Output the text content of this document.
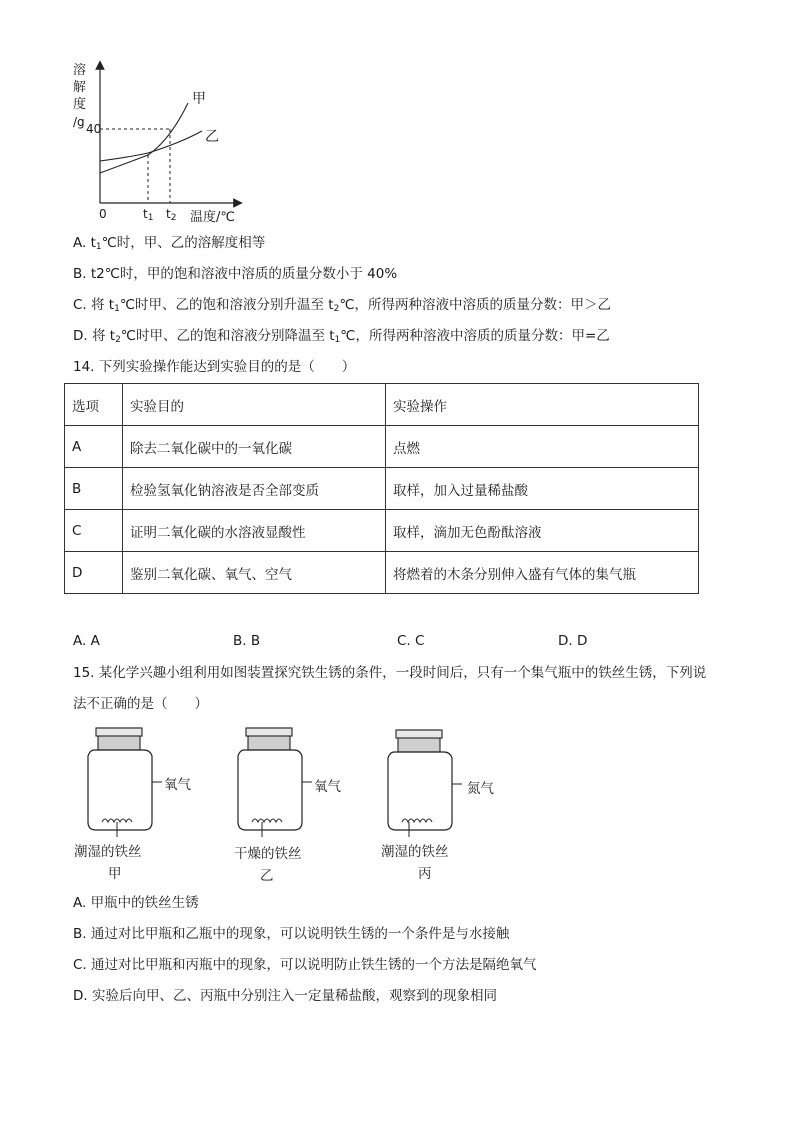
溶
解
度
/g 40
0	$t_1$ $t_2$ 温度/℃
甲
乙
A. $t_1℃$时，甲、乙的溶解度相等
B. t2℃时，甲的饱和溶液中溶质的质量分数小于 40%
C. 将 $t_1℃$时甲、乙的饱和溶液分别升温至 $t_2℃$，所得两种溶液中溶质的质量分数：甲＞乙
D. 将 $t_2℃$时甲、乙的饱和溶液分别降温至 $t_1℃$，所得两种溶液中溶质的质量分数：甲=乙
14. 下列实验操作能达到实验目的的是（　　）
选项	实验目的	实验操作
A	除去二氧化碳中的一氧化碳	点燃
B	检验氢氧化钠溶液是否全部变质	取样，加入过量稀盐酸
C	证明二氧化碳的水溶液显酸性	取样，滴加无色酚酞溶液
D	鉴别二氧化碳、氧气、空气	将燃着的木条分别伸入盛有气体的集气瓶
A. A	B. B	C. C	D. D
15. 某化学兴趣小组利用如图装置探究铁生锈的条件，一段时间后，只有一个集气瓶中的铁丝生锈，下列说
法不正确的是（　　）
氧气	氧气	氮气
潮湿的铁丝	干燥的铁丝	潮湿的铁丝
甲	乙	丙
A. 甲瓶中的铁丝生锈
B. 通过对比甲瓶和乙瓶中的现象，可以说明铁生锈的一个条件是与水接触
C. 通过对比甲瓶和丙瓶中的现象，可以说明防止铁生锈的一个方法是隔绝氧气
D. 实验后向甲、乙、丙瓶中分别注入一定量稀盐酸，观察到的现象相同
